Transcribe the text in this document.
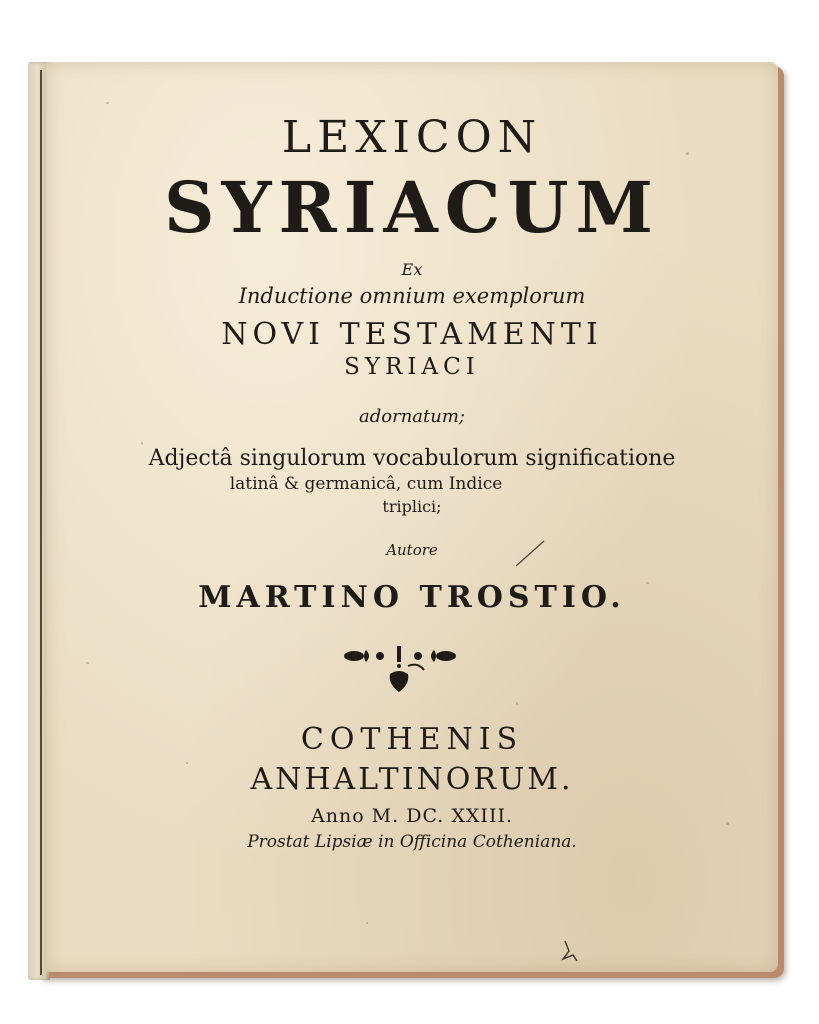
LEXICON
SYRIACUM
Ex
Inductione omnium exemplorum
NOVI TESTAMENTI
SYRIACI
adornatum;
Adjectâ singulorum vocabulorum significatione
latinâ & germanicâ, cum Indice
triplici;
Autore
MARTINO TROSTIO.
COTHENIS
ANHALTINORUM.
Anno M. DC. XXIII.
Prostat Lipsiæ in Officina Cotheniana.
